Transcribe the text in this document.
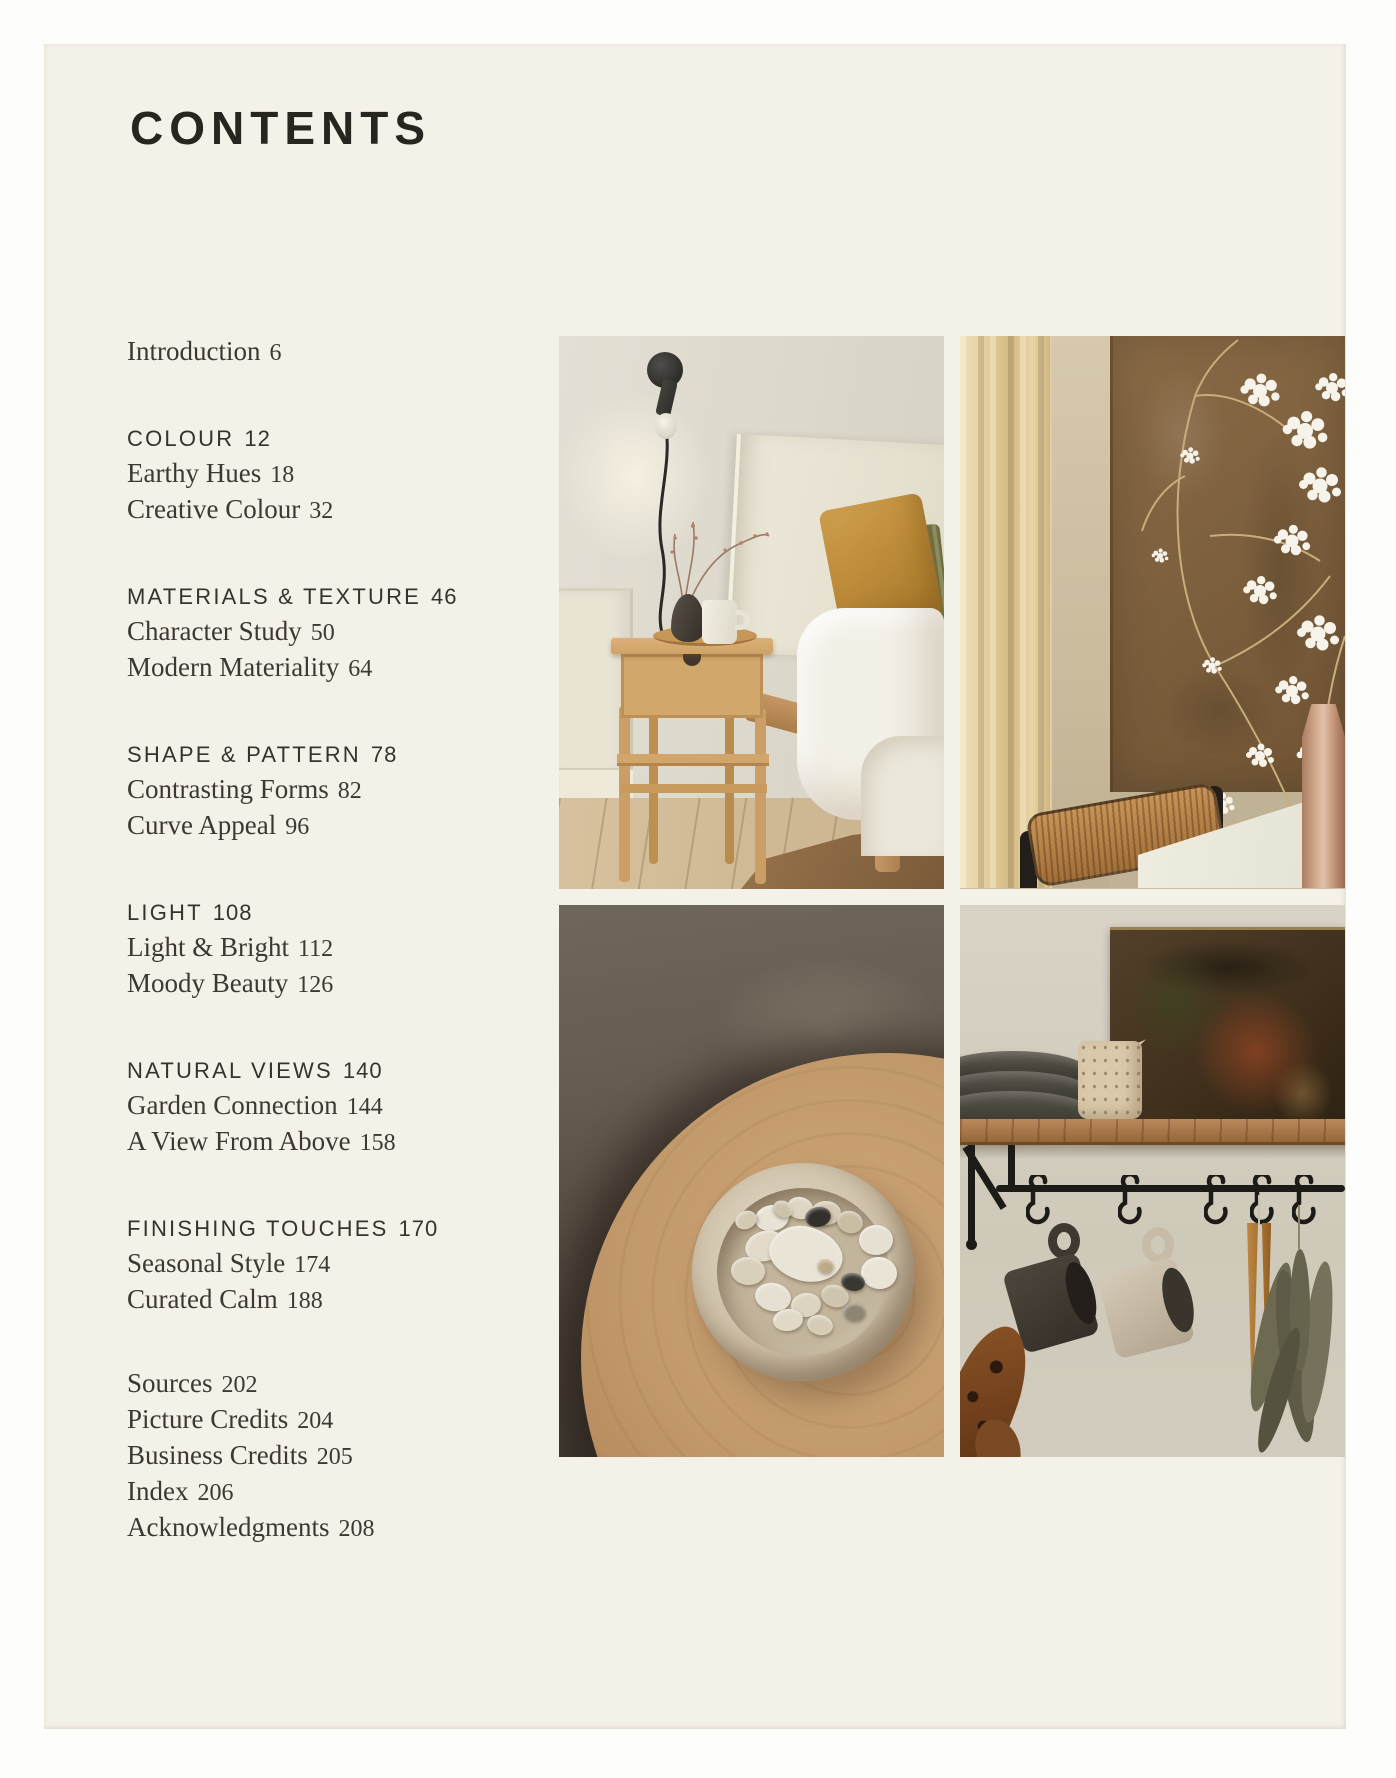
CONTENTS
Introduction 6
COLOUR 12
Earthy Hues 18
Creative Colour 32
MATERIALS & TEXTURE 46
Character Study 50
Modern Materiality 64
SHAPE & PATTERN 78
Contrasting Forms 82
Curve Appeal 96
LIGHT 108
Light & Bright 112
Moody Beauty 126
NATURAL VIEWS 140
Garden Connection 144
A View From Above 158
FINISHING TOUCHES 170
Seasonal Style 174
Curated Calm 188
Sources 202
Picture Credits 204
Business Credits 205
Index 206
Acknowledgments 208
